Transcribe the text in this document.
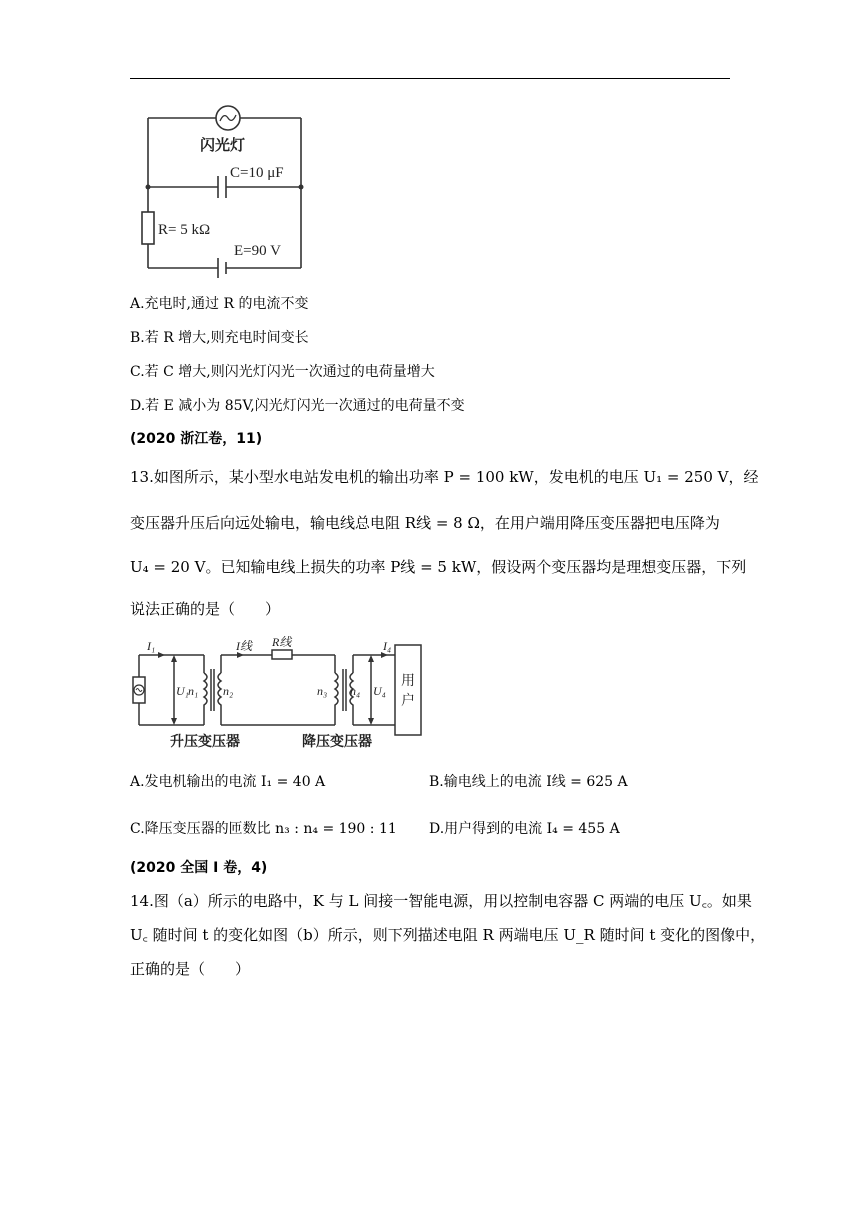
闪光灯
C=10 μF
R= 5 kΩ
E=90 V
A.充电时,通过 R 的电流不变
B.若 R 增大,则充电时间变长
C.若 C 增大,则闪光灯闪光一次通过的电荷量增大
D.若 E 减小为 85V,闪光灯闪光一次通过的电荷量不变
(2020 浙江卷，11)
13.如图所示，某小型水电站发电机的输出功率 P = 100 kW，发电机的电压 U₁ = 250 V，经
变压器升压后向远处输电，输电线总电阻 R线 = 8 Ω，在用户端用降压变压器把电压降为
U₄ = 20 V。已知输电线上损失的功率 P线 = 5 kW，假设两个变压器均是理想变压器，下列
说法正确的是（　　）
I₁
U₁ n₁ n₂
I线 R线
n₃ n₄ U₄
I₄
用
户
升压变压器	降压变压器
A.发电机输出的电流 I₁ = 40 A	B.输电线上的电流 I线 = 625 A
C.降压变压器的匝数比 n₃ : n₄ = 190 : 11 D.用户得到的电流 I₄ = 455 A
(2020 全国 I 卷，4)
14.图（a）所示的电路中，K 与 L 间接一智能电源，用以控制电容器 C 两端的电压 U꜀。如果
U꜀ 随时间 t 的变化如图（b）所示，则下列描述电阻 R 两端电压 U_R 随时间 t 变化的图像中，
正确的是（　　）
